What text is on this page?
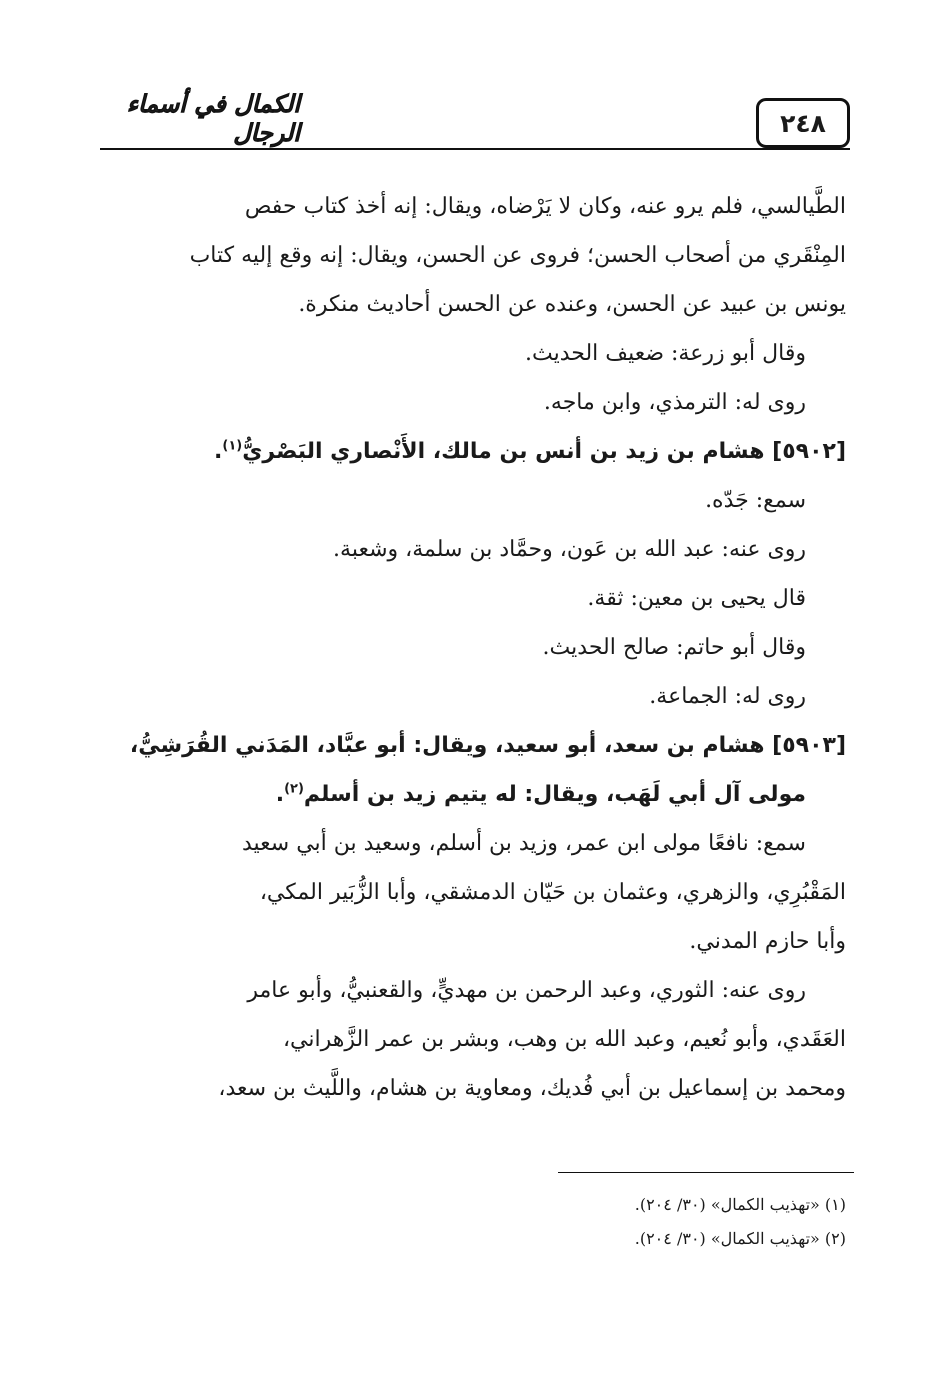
٢٤٨
الكمال في أسماء الرجال

الطَّيالسي، فلم يرو عنه، وكان لا يَرْضاه، ويقال: إنه أخذ كتاب حفص

المِنْقَري من أصحاب الحسن؛ فروى عن الحسن، ويقال: إنه وقع إليه كتاب

يونس بن عبيد عن الحسن، وعنده عن الحسن أحاديث منكرة.

وقال أبو زرعة: ضعيف الحديث.

روى له: الترمذي، وابن ماجه.

[٥٩٠٢] هشام بن زيد بن أنس بن مالك، الأَنْصاري البَصْريُّ$^{(١)}$.

سمع: جَدّه.

روى عنه: عبد الله بن عَون، وحمَّاد بن سلمة، وشعبة.

قال يحيى بن معين: ثقة.

وقال أبو حاتم: صالح الحديث.

روى له: الجماعة.

[٥٩٠٣] هشام بن سعد، أبو سعيد، ويقال: أبو عبَّاد، المَدَني القُرَشِيُّ،

مولى آل أبي لَهَب، ويقال: له يتيم زيد بن أسلم$^{(٢)}$.

سمع: نافعًا مولى ابن عمر، وزيد بن أسلم، وسعيد بن أبي سعيد

المَقْبُرِي، والزهري، وعثمان بن حَيّان الدمشقي، وأبا الزُّبَير المكي،

وأبا حازم المدني.

روى عنه: الثوري، وعبد الرحمن بن مهديٍّ، والقعنبيُّ، وأبو عامر

العَقَدي، وأبو نُعيم، وعبد الله بن وهب، وبشر بن عمر الزَّهراني،

ومحمد بن إسماعيل بن أبي فُديك، ومعاوية بن هشام، واللَّيث بن سعد،

(١) «تهذيب الكمال» (٣٠/ ٢٠٤).

(٢) «تهذيب الكمال» (٣٠/ ٢٠٤).
